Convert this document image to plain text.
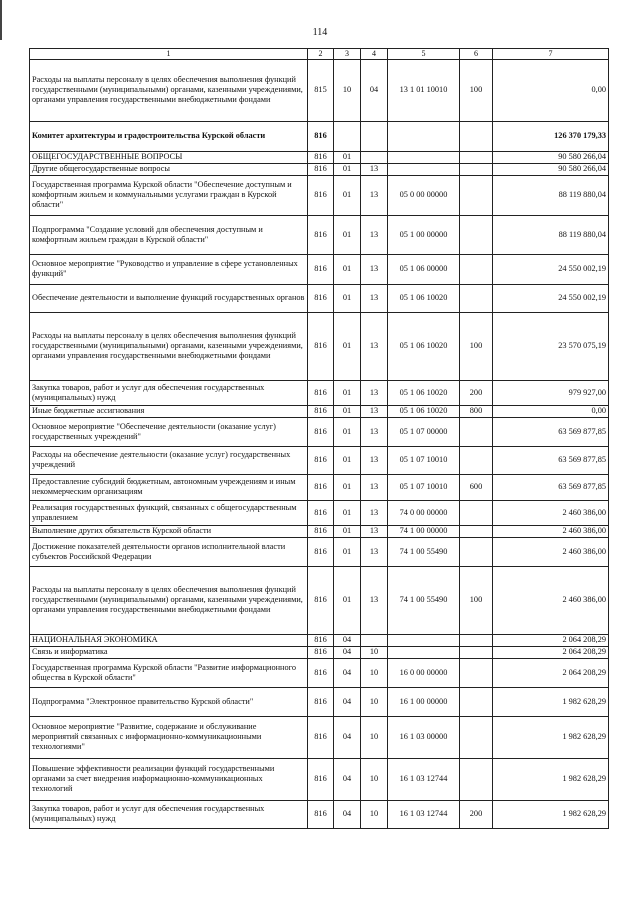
114
1	2	3	4	5	6	7
Расходы на выплаты персоналу в целях обеспечения выполнения функций государственными (муниципальными) органами, казенными учреждениями, органами управления государственными внебюджетными фондами	815	10	04	13 1 01 10010	100	0,00
Комитет архитектуры и градостроительства Курской области	816					126 370 179,33
ОБЩЕГОСУДАРСТВЕННЫЕ ВОПРОСЫ	816	01				90 580 266,04
Другие общегосударственные вопросы	816	01	13			90 580 266,04
Государственная программа Курской области "Обеспечение доступным и комфортным жильем и коммунальными услугами граждан в Курской области"	816	01	13	05 0 00 00000		88 119 880,04
Подпрограмма "Создание условий для обеспечения доступным и комфортным жильем граждан в Курской области"	816	01	13	05 1 00 00000		88 119 880,04
Основное мероприятие "Руководство и управление в сфере установленных функций"	816	01	13	05 1 06 00000		24 550 002,19
Обеспечение деятельности и выполнение функций государственных органов	816	01	13	05 1 06 10020		24 550 002,19
Расходы на выплаты персоналу в целях обеспечения выполнения функций государственными (муниципальными) органами, казенными учреждениями, органами управления государственными внебюджетными фондами	816	01	13	05 1 06 10020	100	23 570 075,19
Закупка товаров, работ и услуг для обеспечения государственных (муниципальных) нужд	816	01	13	05 1 06 10020	200	979 927,00
Иные бюджетные ассигнования	816	01	13	05 1 06 10020	800	0,00
Основное мероприятие "Обеспечение деятельности (оказание услуг) государственных учреждений"	816	01	13	05 1 07 00000		63 569 877,85
Расходы на обеспечение деятельности (оказание услуг) государственных учреждений	816	01	13	05 1 07 10010		63 569 877,85
Предоставление субсидий бюджетным, автономным учреждениям и иным некоммерческим организациям	816	01	13	05 1 07 10010	600	63 569 877,85
Реализация государственных функций, связанных с общегосударственным управлением	816	01	13	74 0 00 00000		2 460 386,00
Выполнение других обязательств Курской области	816	01	13	74 1 00 00000		2 460 386,00
Достижение показателей деятельности органов исполнительной власти субъектов Российской Федерации	816	01	13	74 1 00 55490		2 460 386,00
Расходы на выплаты персоналу в целях обеспечения выполнения функций государственными (муниципальными) органами, казенными учреждениями, органами управления государственными внебюджетными фондами	816	01	13	74 1 00 55490	100	2 460 386,00
НАЦИОНАЛЬНАЯ ЭКОНОМИКА	816	04				2 064 208,29
Связь и информатика	816	04	10			2 064 208,29
Государственная программа Курской области "Развитие информационного общества в Курской области"	816	04	10	16 0 00 00000		2 064 208,29
Подпрограмма "Электронное правительство Курской области"	816	04	10	16 1 00 00000		1 982 628,29
Основное мероприятие "Развитие, содержание и обслуживание мероприятий связанных с информационно-коммуникационными технологиями"	816	04	10	16 1 03 00000		1 982 628,29
Повышение эффективности реализации функций государственными органами за счет внедрения информационно-коммуникационных технологий	816	04	10	16 1 03 12744		1 982 628,29
Закупка товаров, работ и услуг для обеспечения государственных (муниципальных) нужд	816	04	10	16 1 03 12744	200	1 982 628,29
